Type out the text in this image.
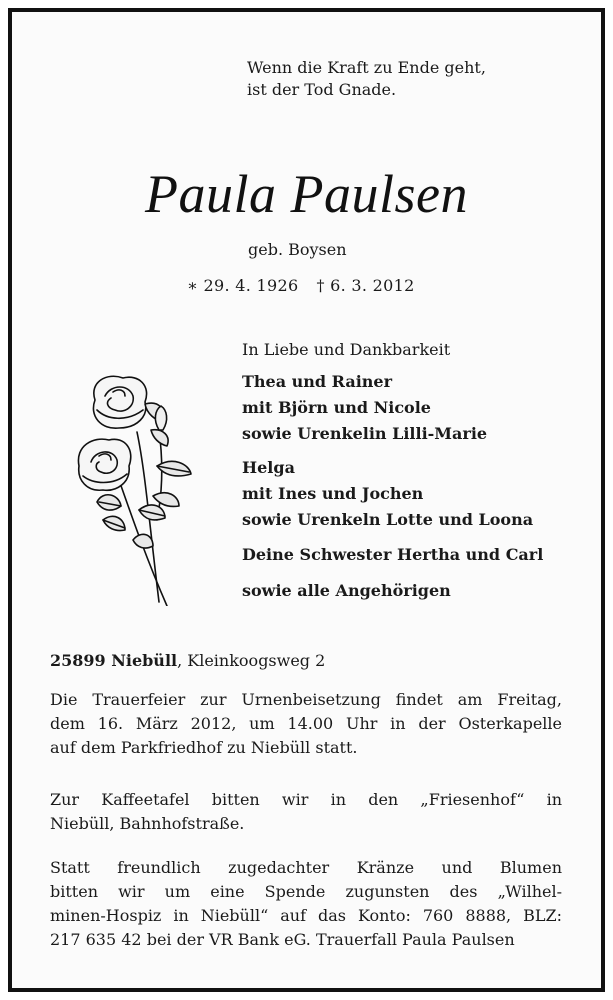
Wenn die Kraft zu Ende geht,
ist der Tod Gnade.
Paula Paulsen
geb. Boysen
∗ 29. 4. 1926 † 6. 3. 2012
In Liebe und Dankbarkeit
Thea und Rainer
mit Björn und Nicole
sowie Urenkelin Lilli-Marie
Helga
mit Ines und Jochen
sowie Urenkeln Lotte und Loona
Deine Schwester Hertha und Carl
sowie alle Angehörigen
25899 Niebüll, Kleinkoogsweg 2
Die Trauerfeier zur Urnenbeisetzung findet am Freitag,
dem 16. März 2012, um 14.00 Uhr in der Osterkapelle
auf dem Parkfriedhof zu Niebüll statt.
Zur Kaffeetafel bitten wir in den „Friesenhof“ in
Niebüll, Bahnhofstraße.
Statt freundlich zugedachter Kränze und Blumen
bitten wir um eine Spende zugunsten des „Wilhel-
minen-Hospiz in Niebüll“ auf das Konto: 760 8888, BLZ:
217 635 42 bei der VR Bank eG. Trauerfall Paula Paulsen
